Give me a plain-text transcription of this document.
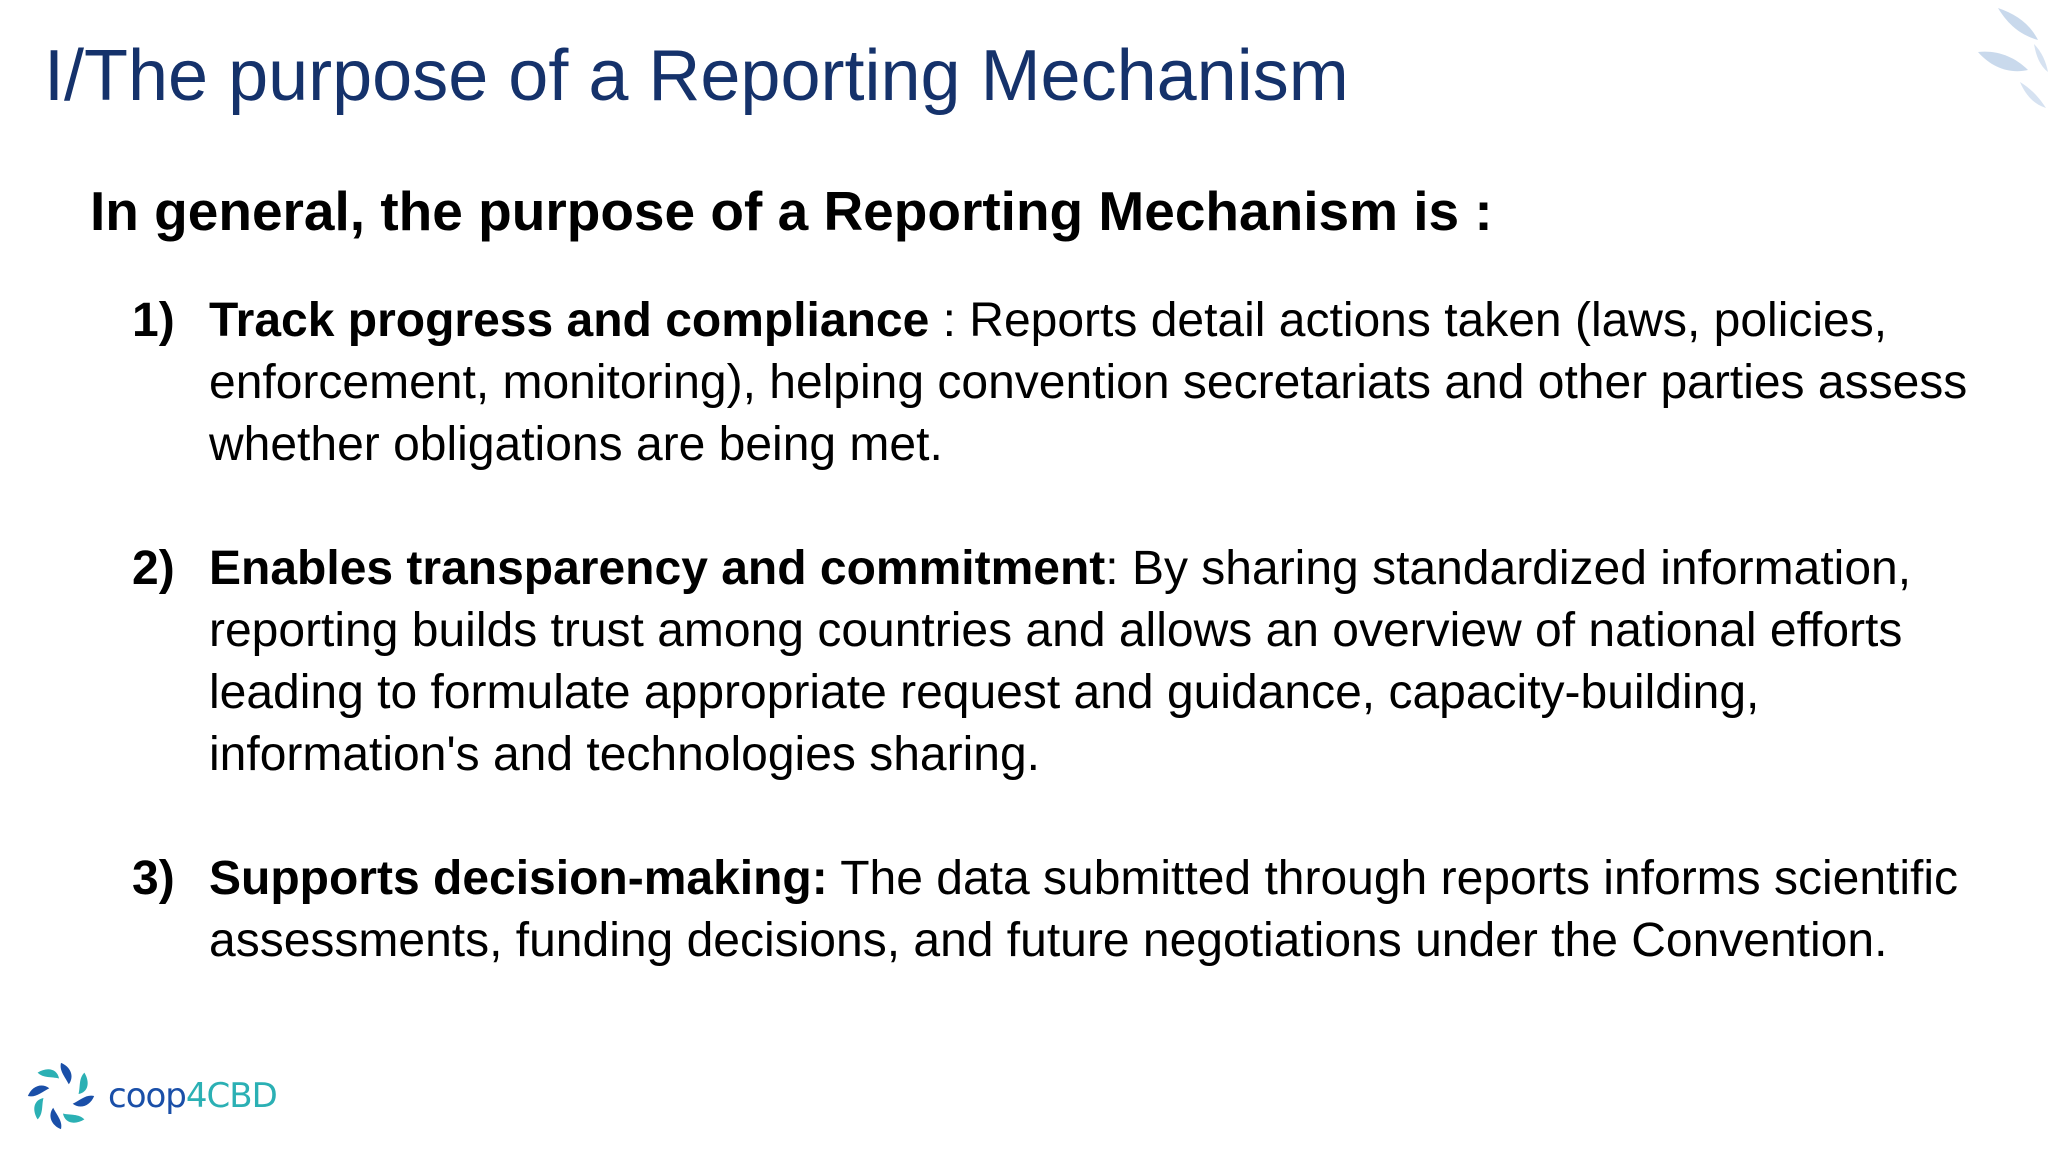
I/The purpose of a Reporting Mechanism
In general, the purpose of a Reporting Mechanism is :
1) Track progress and compliance : Reports detail actions taken (laws, policies, enforcement, monitoring), helping convention secretariats and other parties assess whether obligations are being met.
2) Enables transparency and commitment: By sharing standardized information, reporting builds trust among countries and allows an overview of national efforts leading to formulate appropriate request and guidance, capacity-building, information's and technologies sharing.
3) Supports decision-making: The data submitted through reports informs scientific assessments, funding decisions, and future negotiations under the Convention.
coop4CBD
